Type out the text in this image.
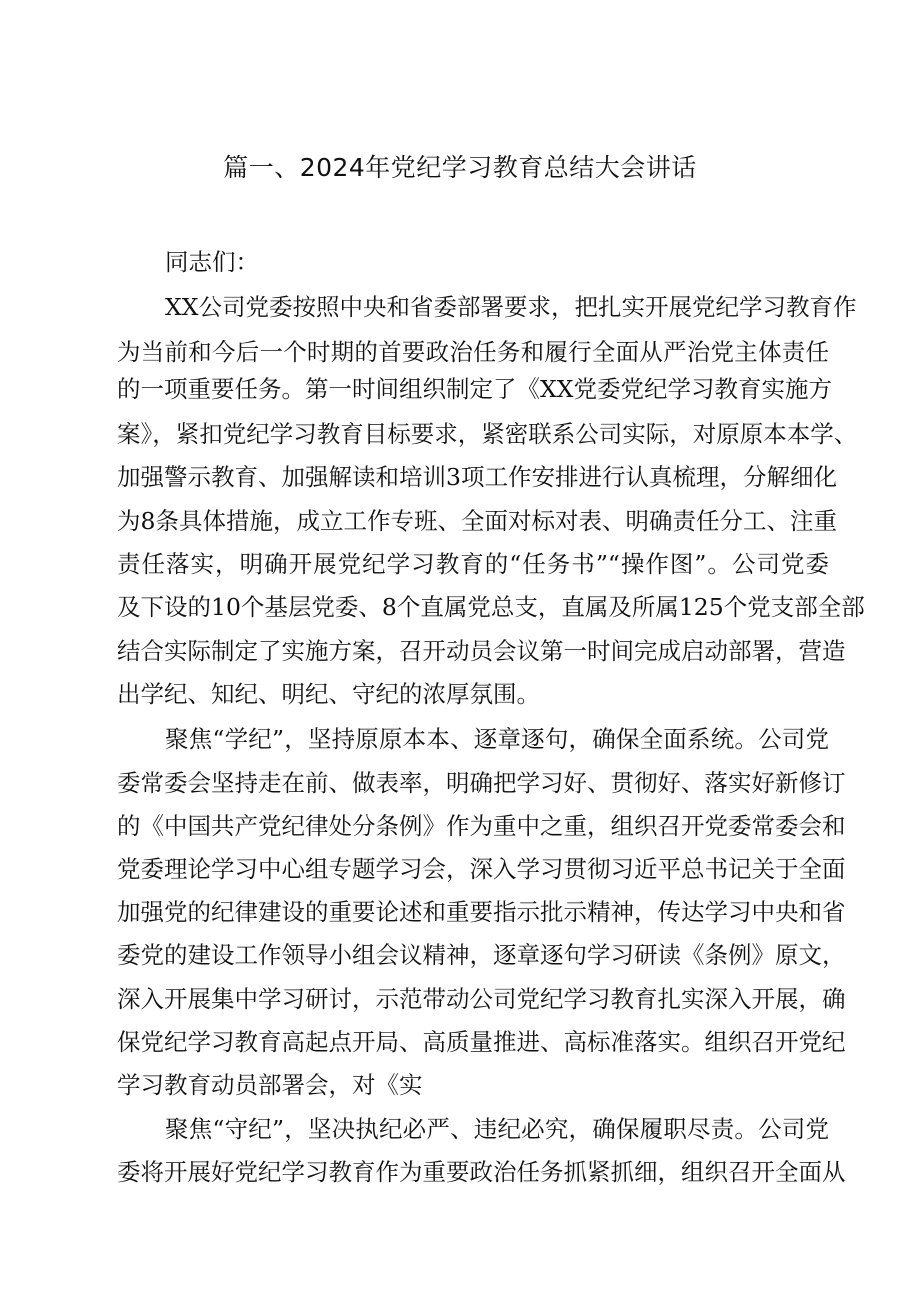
篇一、2024年党纪学习教育总结大会讲话
同志们：
XX公司党委按照中央和省委部署要求，把扎实开展党纪学习教育作
为当前和今后一个时期的首要政治任务和履行全面从严治党主体责任
的一项重要任务。第一时间组织制定了《XX党委党纪学习教育实施方
案》，紧扣党纪学习教育目标要求，紧密联系公司实际，对原原本本学、
加强警示教育、加强解读和培训3项工作安排进行认真梳理，分解细化
为8条具体措施，成立工作专班、全面对标对表、明确责任分工、注重
责任落实，明确开展党纪学习教育的“任务书”“操作图”。公司党委
及下设的10个基层党委、8个直属党总支，直属及所属125个党支部全部
结合实际制定了实施方案，召开动员会议第一时间完成启动部署，营造
出学纪、知纪、明纪、守纪的浓厚氛围。
聚焦“学纪”，坚持原原本本、逐章逐句，确保全面系统。公司党
委常委会坚持走在前、做表率，明确把学习好、贯彻好、落实好新修订
的《中国共产党纪律处分条例》作为重中之重，组织召开党委常委会和
党委理论学习中心组专题学习会，深入学习贯彻习近平总书记关于全面
加强党的纪律建设的重要论述和重要指示批示精神，传达学习中央和省
委党的建设工作领导小组会议精神，逐章逐句学习研读《条例》原文，
深入开展集中学习研讨，示范带动公司党纪学习教育扎实深入开展，确
保党纪学习教育高起点开局、高质量推进、高标准落实。组织召开党纪
学习教育动员部署会，对《实
聚焦“守纪”，坚决执纪必严、违纪必究，确保履职尽责。公司党
委将开展好党纪学习教育作为重要政治任务抓紧抓细，组织召开全面从
